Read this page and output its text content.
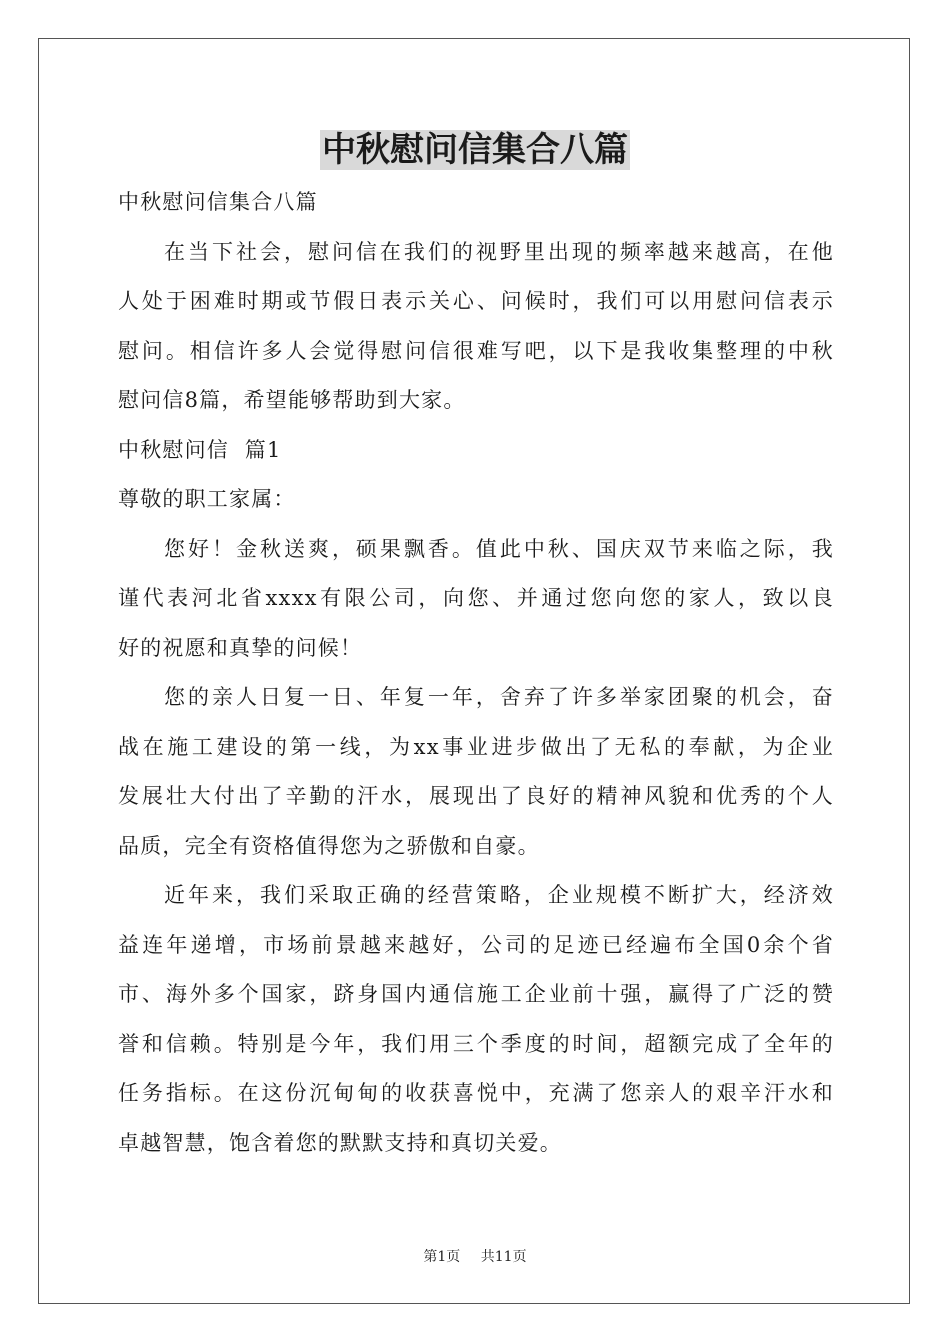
中秋慰问信集合八篇

中秋慰问信集合八篇

在当下社会，慰问信在我们的视野里出现的频率越来越高，在他

人处于困难时期或节假日表示关心、问候时，我们可以用慰问信表示

慰问。相信许多人会觉得慰问信很难写吧，以下是我收集整理的中秋

慰问信8篇，希望能够帮助到大家。

中秋慰问信  篇1

尊敬的职工家属：

您好！金秋送爽，硕果飘香。值此中秋、国庆双节来临之际，我

谨代表河北省xxxx有限公司，向您、并通过您向您的家人，致以良

好的祝愿和真挚的问候！

您的亲人日复一日、年复一年，舍弃了许多举家团聚的机会，奋

战在施工建设的第一线，为xx事业进步做出了无私的奉献，为企业

发展壮大付出了辛勤的汗水，展现出了良好的精神风貌和优秀的个人

品质，完全有资格值得您为之骄傲和自豪。

近年来，我们采取正确的经营策略，企业规模不断扩大，经济效

益连年递增，市场前景越来越好，公司的足迹已经遍布全国0余个省

市、海外多个国家，跻身国内通信施工企业前十强，赢得了广泛的赞

誉和信赖。特别是今年，我们用三个季度的时间，超额完成了全年的

任务指标。在这份沉甸甸的收获喜悦中，充满了您亲人的艰辛汗水和

卓越智慧，饱含着您的默默支持和真切关爱。

第1页 共11页
